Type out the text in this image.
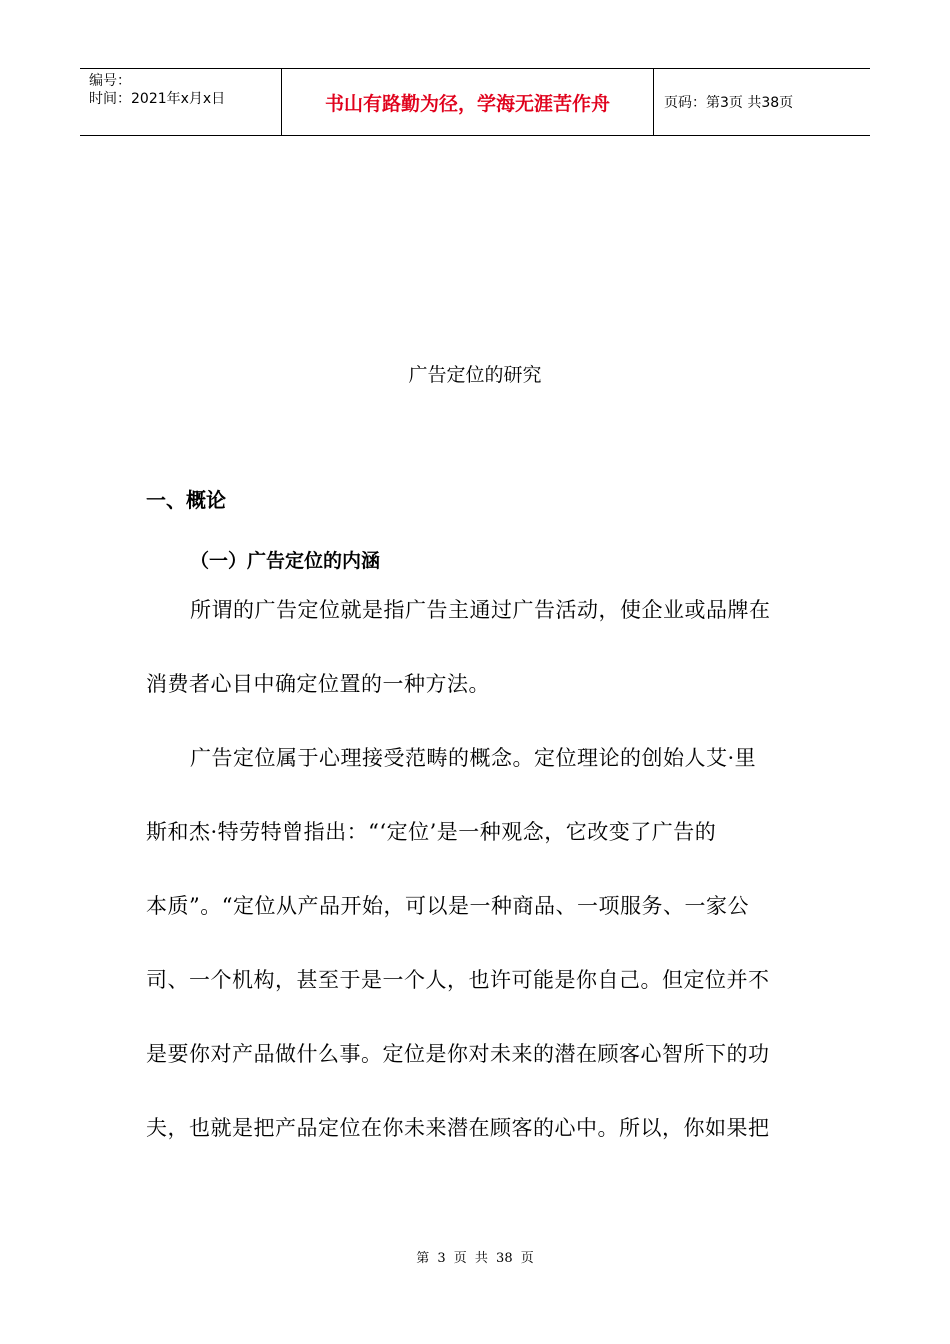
编号：
时间：2021年x月x日	书山有路勤为径，学海无涯苦作舟	页码：第3页 共38页
广告定位的研究
一、概论
（一）广告定位的内涵
所谓的广告定位就是指广告主通过广告活动，使企业或品牌在
消费者心目中确定位置的一种方法。
广告定位属于心理接受范畴的概念。定位理论的创始人艾·里
斯和杰·特劳特曾指出：“‘定位’是一种观念，它改变了广告的
本质”。“定位从产品开始，可以是一种商品、一项服务、一家公
司、一个机构，甚至于是一个人，也许可能是你自己。但定位并不
是要你对产品做什么事。定位是你对未来的潜在顾客心智所下的功
夫，也就是把产品定位在你未来潜在顾客的心中。所以，你如果把
第 3 页 共 38 页
